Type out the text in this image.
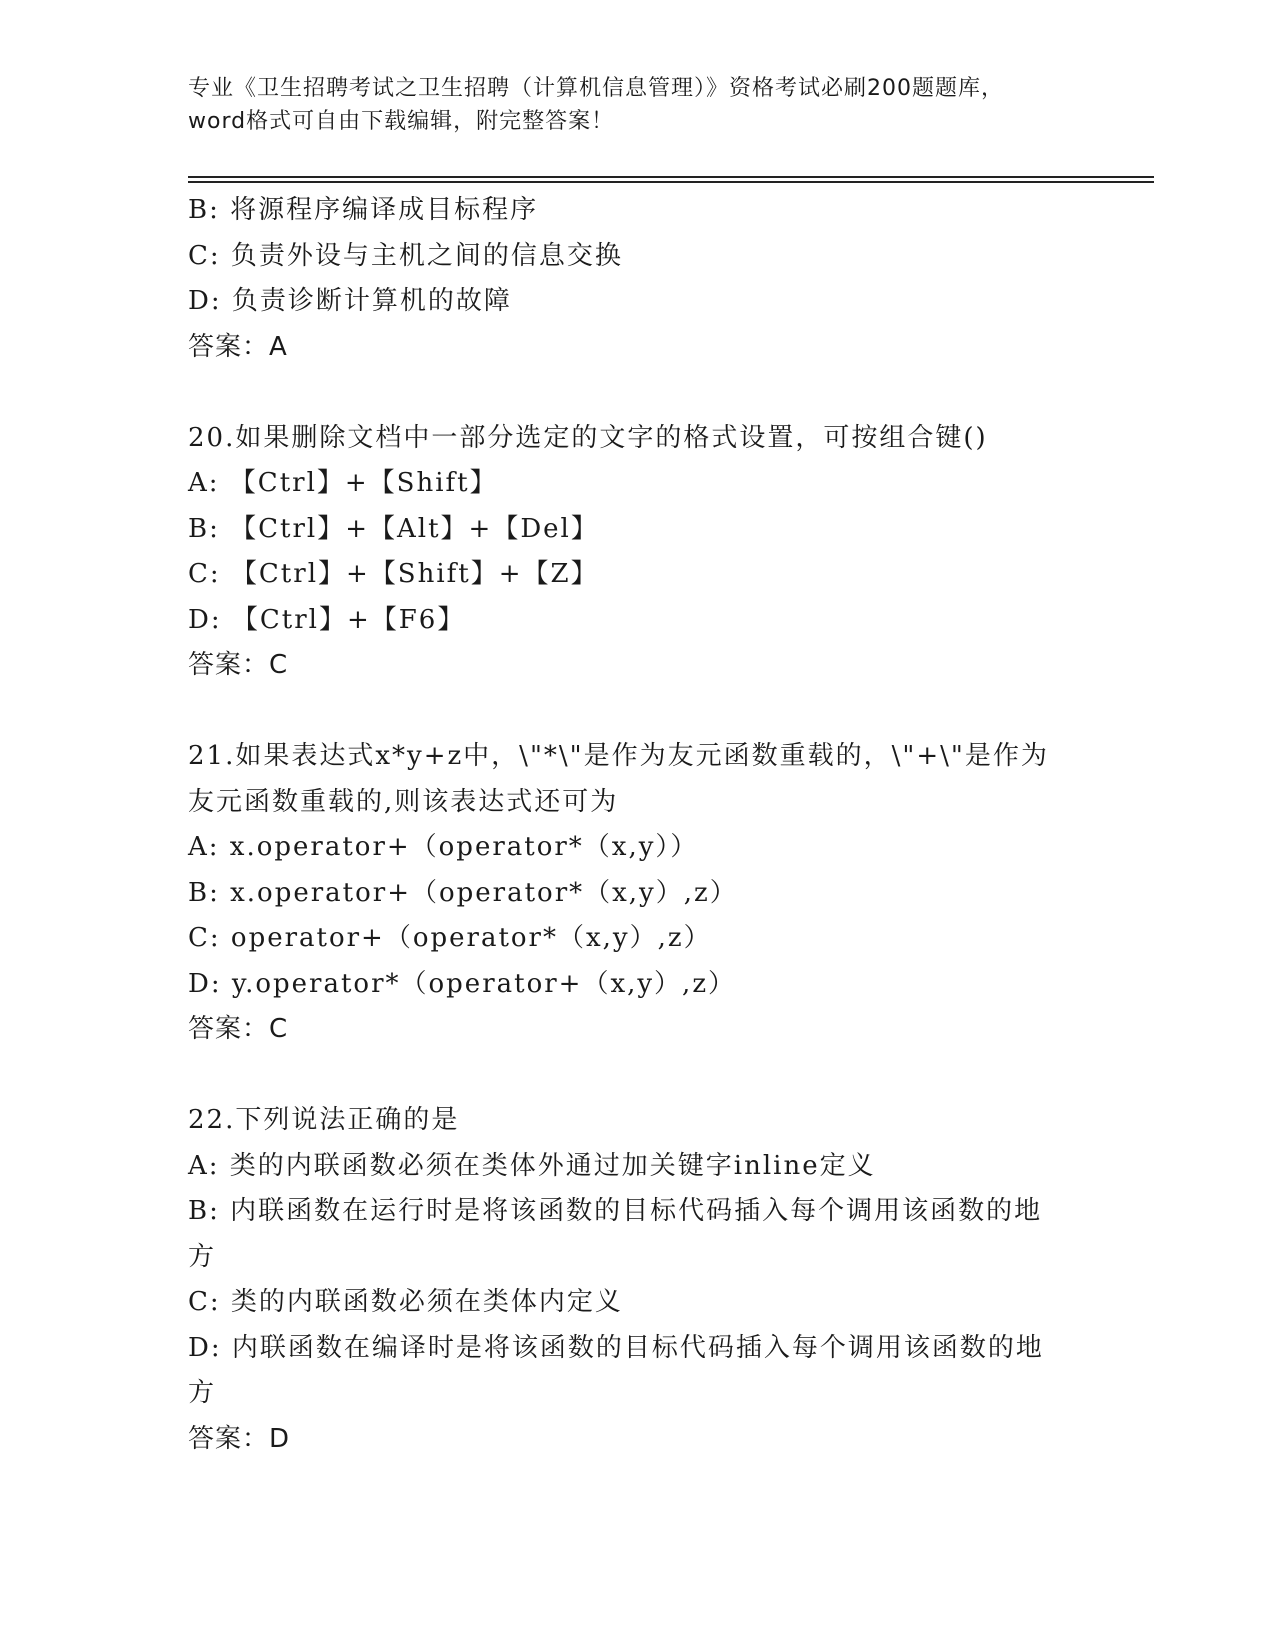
专业《卫生招聘考试之卫生招聘（计算机信息管理）》资格考试必刷200题题库，
word格式可自由下载编辑，附完整答案！
B: 将源程序编译成目标程序
C: 负责外设与主机之间的信息交换
D: 负责诊断计算机的故障
答案：A
20.如果删除文档中一部分选定的文字的格式设置，可按组合键()
A: 【Ctrl】+【Shift】
B: 【Ctrl】+【Alt】+【Del】
C: 【Ctrl】+【Shift】+【Z】
D: 【Ctrl】+【F6】
答案：C
21.如果表达式x*y+z中，\"*\"是作为友元函数重载的，\"+\"是作为
友元函数重载的,则该表达式还可为
A: x.operator+（operator*（x,y））
B: x.operator+（operator*（x,y）,z）
C: operator+（operator*（x,y）,z）
D: y.operator*（operator+（x,y）,z）
答案：C
22.下列说法正确的是
A: 类的内联函数必须在类体外通过加关键字inline定义
B: 内联函数在运行时是将该函数的目标代码插入每个调用该函数的地
方
C: 类的内联函数必须在类体内定义
D: 内联函数在编译时是将该函数的目标代码插入每个调用该函数的地
方
答案：D
